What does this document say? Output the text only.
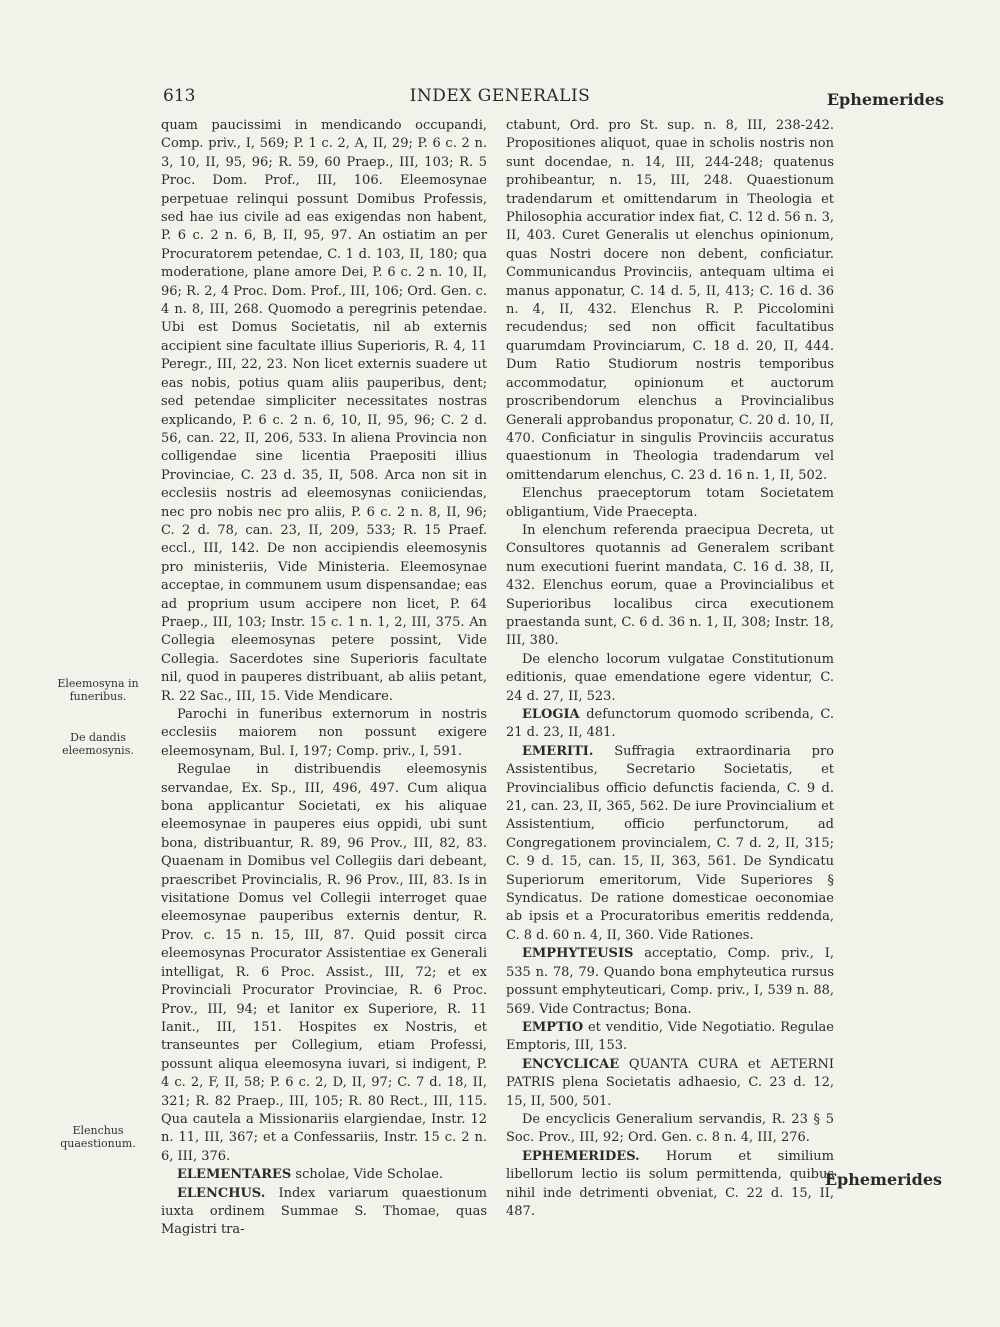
613	INDEX GENERALIS	Ephemerides
Eleemosyna in funeribus.
De dandis eleemosynis.
Elenchus quaestionum.

quam paucissimi in mendicando occupandi, Comp. priv., I, 569; P. 1 c. 2, A, II, 29; P. 6 c. 2 n. 3, 10, II, 95, 96; R. 59, 60 Praep., III, 103; R. 5 Proc. Dom. Prof., III, 106. Eleemosynae perpetuae relinqui possunt Domibus Professis, sed hae ius civile ad eas exigendas non habent, P. 6 c. 2 n. 6, B, II, 95, 97. An ostiatim an per Procuratorem petendae, C. 1 d. 103, II, 180; qua moderatione, plane amore Dei, P. 6 c. 2 n. 10, II, 96; R. 2, 4 Proc. Dom. Prof., III, 106; Ord. Gen. c. 4 n. 8, III, 268. Quomodo a peregrinis petendae. Ubi est Domus Societatis, nil ab externis accipient sine facultate illius Superioris, R. 4, 11 Peregr., III, 22, 23. Non licet externis suadere ut eas nobis, potius quam aliis pauperibus, dent; sed petendae simpliciter necessitates nostras explicando, P. 6 c. 2 n. 6, 10, II, 95, 96; C. 2 d. 56, can. 22, II, 206, 533. In aliena Provincia non colligendae sine licentia Praepositi illius Provinciae, C. 23 d. 35, II, 508. Arca non sit in ecclesiis nostris ad eleemosynas coniiciendas, nec pro nobis nec pro aliis, P. 6 c. 2 n. 8, II, 96; C. 2 d. 78, can. 23, II, 209, 533; R. 15 Praef. eccl., III, 142. De non accipiendis eleemosynis pro ministeriis, Vide Ministeria. Eleemosynae acceptae, in communem usum dispensandae; eas ad proprium usum accipere non licet, P. 64 Praep., III, 103; Instr. 15 c. 1 n. 1, 2, III, 375. An Collegia eleemosynas petere possint, Vide Collegia. Sacerdotes sine Superioris facultate nil, quod in pauperes distribuant, ab aliis petant, R. 22 Sac., III, 15. Vide Mendicare.

Parochi in funeribus externorum in nostris ecclesiis maiorem non possunt exigere eleemosynam, Bul. I, 197; Comp. priv., I, 591.

Regulae in distribuendis eleemosynis servandae, Ex. Sp., III, 496, 497. Cum aliqua bona applicantur Societati, ex his aliquae eleemosynae in pauperes eius oppidi, ubi sunt bona, distribuantur, R. 89, 96 Prov., III, 82, 83. Quaenam in Domibus vel Collegiis dari debeant, praescribet Provincialis, R. 96 Prov., III, 83. Is in visitatione Domus vel Collegii interroget quae eleemosynae pauperibus externis dentur, R. Prov. c. 15 n. 15, III, 87. Quid possit circa eleemosynas Procurator Assistentiae ex Generali intelligat, R. 6 Proc. Assist., III, 72; et ex Provinciali Procurator Provinciae, R. 6 Proc. Prov., III, 94; et Ianitor ex Superiore, R. 11 Ianit., III, 151. Hospites ex Nostris, et transeuntes per Collegium, etiam Professi, possunt aliqua eleemosyna iuvari, si indigent, P. 4 c. 2, F, II, 58; P. 6 c. 2, D, II, 97; C. 7 d. 18, II, 321; R. 82 Praep., III, 105; R. 80 Rect., III, 115. Qua cautela a Missionariis elargiendae, Instr. 12 n. 11, III, 367; et a Confessariis, Instr. 15 c. 2 n. 6, III, 376.

ELEMENTARES scholae, Vide Scholae.

ELENCHUS. Index variarum quaestionum iuxta ordinem Summae S. Thomae, quas Magistri tra-

ctabunt, Ord. pro St. sup. n. 8, III, 238-242. Propositiones aliquot, quae in scholis nostris non sunt docendae, n. 14, III, 244-248; quatenus prohibeantur, n. 15, III, 248. Quaestionum tradendarum et omittendarum in Theologia et Philosophia accuratior index fiat, C. 12 d. 56 n. 3, II, 403. Curet Generalis ut elenchus opinionum, quas Nostri docere non debent, conficiatur. Communicandus Provinciis, antequam ultima ei manus apponatur, C. 14 d. 5, II, 413; C. 16 d. 36 n. 4, II, 432. Elenchus R. P. Piccolomini recudendus; sed non officit facultatibus quarumdam Provinciarum, C. 18 d. 20, II, 444. Dum Ratio Studiorum nostris temporibus accommodatur, opinionum et auctorum proscribendorum elenchus a Provincialibus Generali approbandus proponatur, C. 20 d. 10, II, 470. Conficiatur in singulis Provinciis accuratus quaestionum in Theologia tradendarum vel omittendarum elenchus, C. 23 d. 16 n. 1, II, 502.

Elenchus praeceptorum totam Societatem obligantium, Vide Praecepta.

In elenchum referenda praecipua Decreta, ut Consultores quotannis ad Generalem scribant num executioni fuerint mandata, C. 16 d. 38, II, 432. Elenchus eorum, quae a Provincialibus et Superioribus localibus circa executionem praestanda sunt, C. 6 d. 36 n. 1, II, 308; Instr. 18, III, 380.

De elencho locorum vulgatae Constitutionum editionis, quae emendatione egere videntur, C. 24 d. 27, II, 523.

ELOGIA defunctorum quomodo scribenda, C. 21 d. 23, II, 481.

EMERITI. Suffragia extraordinaria pro Assistentibus, Secretario Societatis, et Provincialibus officio defunctis facienda, C. 9 d. 21, can. 23, II, 365, 562. De iure Provincialium et Assistentium, officio perfunctorum, ad Congregationem provincialem, C. 7 d. 2, II, 315; C. 9 d. 15, can. 15, II, 363, 561. De Syndicatu Superiorum emeritorum, Vide Superiores § Syndicatus. De ratione domesticae oeconomiae ab ipsis et a Procuratoribus emeritis reddenda, C. 8 d. 60 n. 4, II, 360. Vide Rationes.

EMPHYTEUSIS acceptatio, Comp. priv., I, 535 n. 78, 79. Quando bona emphyteutica rursus possunt emphyteuticari, Comp. priv., I, 539 n. 88, 569. Vide Contractus; Bona.

EMPTIO et venditio, Vide Negotiatio. Regulae Emptoris, III, 153.

ENCYCLICAE QUANTA CURA et AETERNI PATRIS plena Societatis adhaesio, C. 23 d. 12, 15, II, 500, 501.

De encyclicis Generalium servandis, R. 23 § 5 Soc. Prov., III, 92; Ord. Gen. c. 8 n. 4, III, 276.

EPHEMERIDES. Horum et similium libellorum lectio iis solum permittenda, quibus nihil inde detrimenti obveniat, C. 22 d. 15, II, 487.

Ephemerides
